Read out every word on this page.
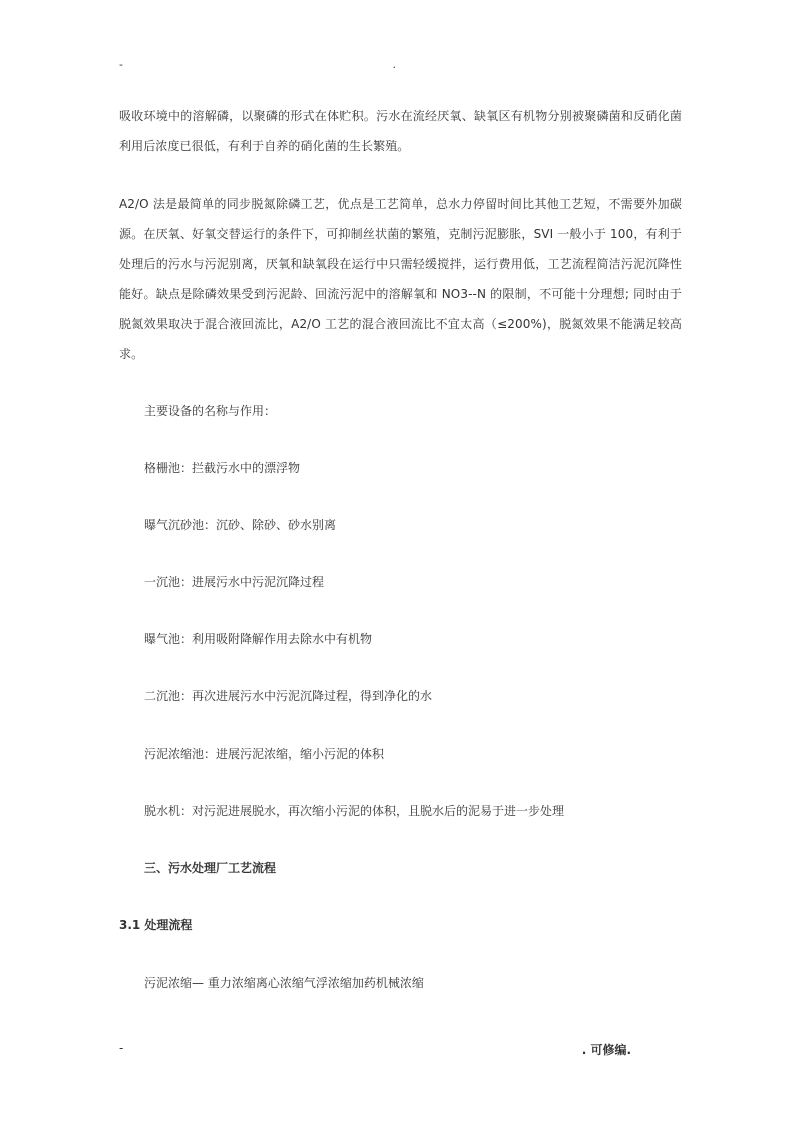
-	.
吸收环境中的溶解磷，以聚磷的形式在体贮积。污水在流经厌氧、缺氧区有机物分别被聚磷菌和反硝化菌
利用后浓度已很低，有利于自养的硝化菌的生长繁殖。
A2/O 法是最简单的同步脱氮除磷工艺，优点是工艺简单，总水力停留时间比其他工艺短，不需要外加碳
源。在厌氧、好氧交替运行的条件下，可抑制丝状菌的繁殖，克制污泥膨胀，SVI 一般小于 100，有利于
处理后的污水与污泥别离，厌氧和缺氧段在运行中只需轻缓搅拌，运行费用低，工艺流程简洁污泥沉降性
能好。缺点是除磷效果受到污泥龄、回流污泥中的溶解氧和 NO3--N 的限制，不可能十分理想; 同时由于
脱氮效果取决于混合液回流比，A2/O 工艺的混合液回流比不宜太高（≤200%)，脱氮效果不能满足较高
求。
主要设备的名称与作用：
格栅池：拦截污水中的漂浮物
曝气沉砂池：沉砂、除砂、砂水别离
一沉池：进展污水中污泥沉降过程
曝气池：利用吸附降解作用去除水中有机物
二沉池：再次进展污水中污泥沉降过程，得到净化的水
污泥浓缩池：进展污泥浓缩，缩小污泥的体积
脱水机：对污泥进展脱水，再次缩小污泥的体积，且脱水后的泥易于进一步处理
三、污水处理厂工艺流程
3.1 处理流程
污泥浓缩— 重力浓缩离心浓缩气浮浓缩加药机械浓缩
-	. 可修编.
